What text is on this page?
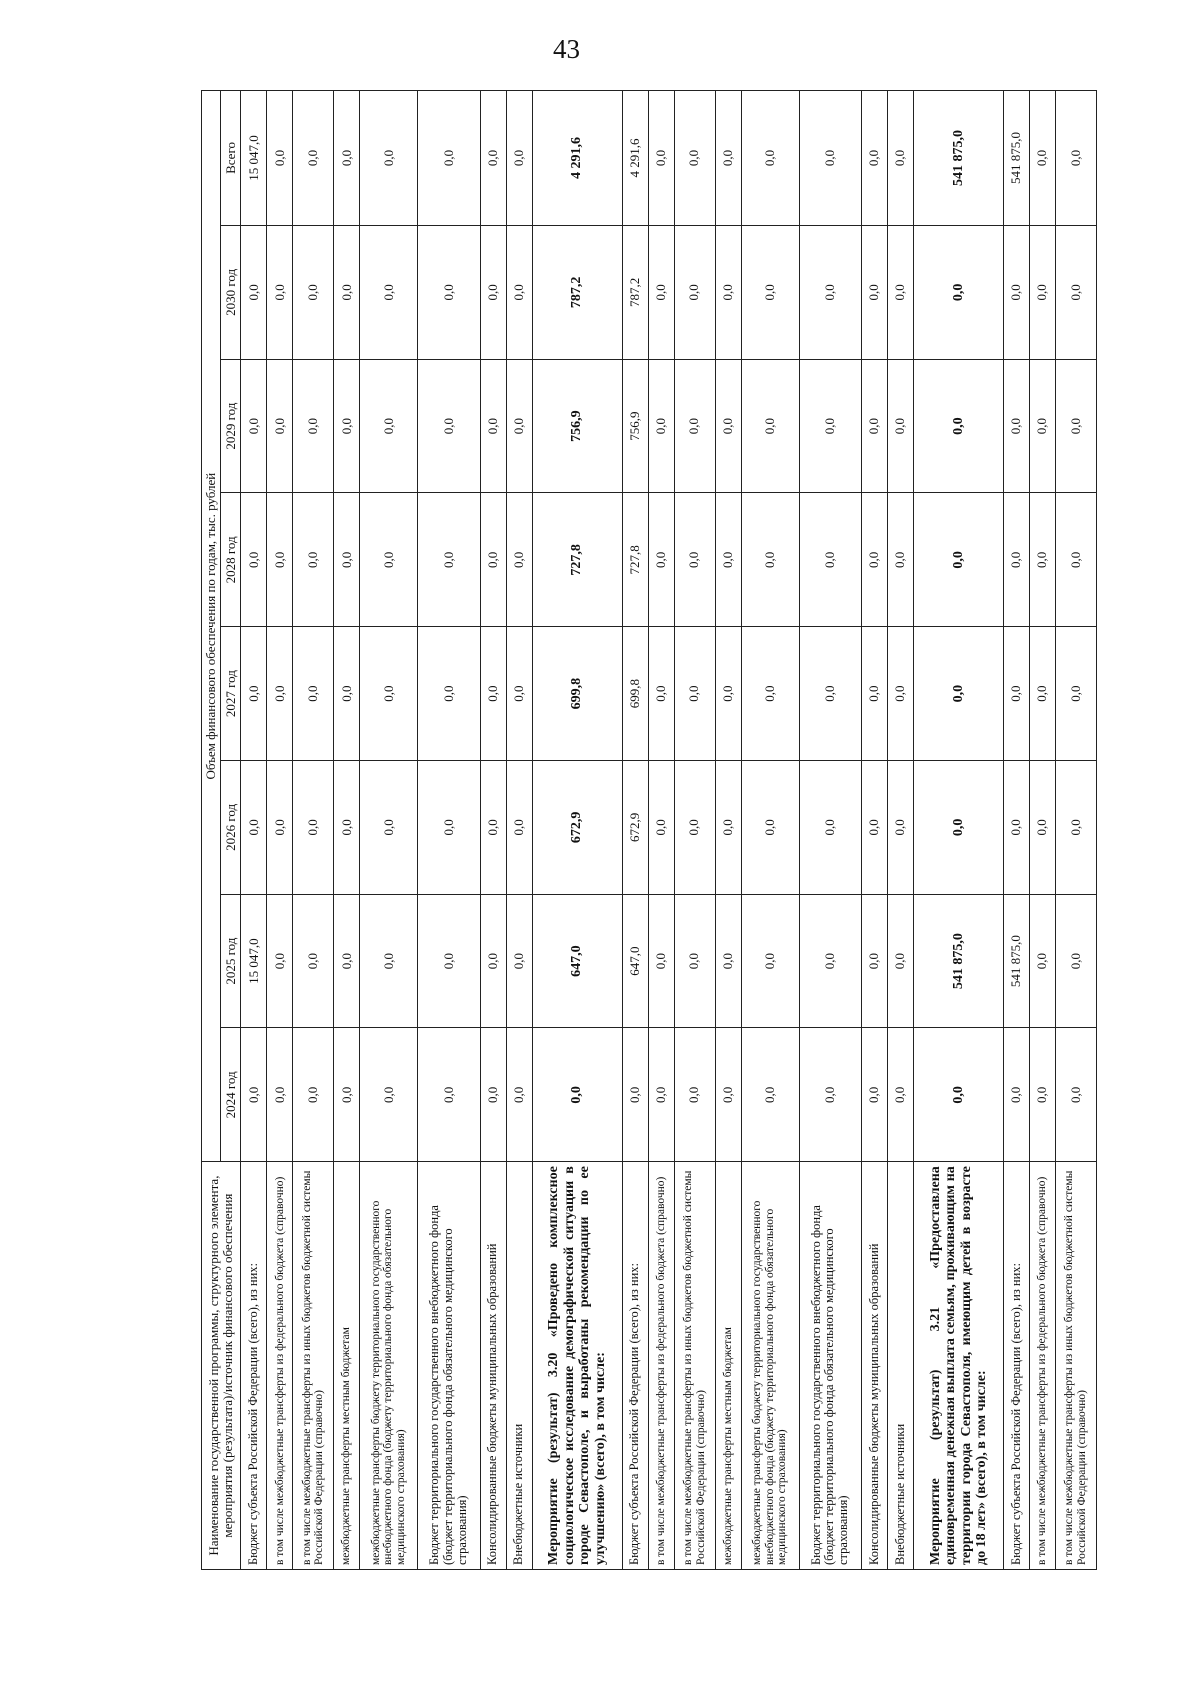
43
Наименование государственной программы, структурного элемента, мероприятия (результата)/источник финансового обеспечения	Объем финансового обеспечения по годам, тыс. рублей							
	2024 год	2025 год	2026 год	2027 год	2028 год	2029 год	2030 год	Всего
Бюджет субъекта Российской Федерации (всего), из них:	0,0	15 047,0	0,0	0,0	0,0	0,0	0,0	15 047,0
в том числе межбюджетные трансферты из федерального бюджета (справочно)	0,0	0,0	0,0	0,0	0,0	0,0	0,0	0,0
в том числе межбюджетные трансферты из иных бюджетов бюджетной системы Российской Федерации (справочно)	0,0	0,0	0,0	0,0	0,0	0,0	0,0	0,0
межбюджетные трансферты местным бюджетам	0,0	0,0	0,0	0,0	0,0	0,0	0,0	0,0
межбюджетные трансферты бюджету территориального государственного внебюджетного фонда (бюджету территориального фонда обязательного медицинского страхования)	0,0	0,0	0,0	0,0	0,0	0,0	0,0	0,0
Бюджет территориального государственного внебюджетного фонда (бюджет территориального фонда обязательного медицинского страхования)	0,0	0,0	0,0	0,0	0,0	0,0	0,0	0,0
Консолидированные бюджеты муниципальных образований	0,0	0,0	0,0	0,0	0,0	0,0	0,0	0,0
Внебюджетные источники	0,0	0,0	0,0	0,0	0,0	0,0	0,0	0,0
Мероприятие (результат) 3.20 «Проведено комплексное социологическое исследование демографической ситуации в городе Севастополе, и выработаны рекомендации по ее улучшению» (всего), в том числе:	0,0	647,0	672,9	699,8	727,8	756,9	787,2	4 291,6
Бюджет субъекта Российской Федерации (всего), из них:	0,0	647,0	672,9	699,8	727,8	756,9	787,2	4 291,6
в том числе межбюджетные трансферты из федерального бюджета (справочно)	0,0	0,0	0,0	0,0	0,0	0,0	0,0	0,0
в том числе межбюджетные трансферты из иных бюджетов бюджетной системы Российской Федерации (справочно)	0,0	0,0	0,0	0,0	0,0	0,0	0,0	0,0
межбюджетные трансферты местным бюджетам	0,0	0,0	0,0	0,0	0,0	0,0	0,0	0,0
межбюджетные трансферты бюджету территориального государственного внебюджетного фонда (бюджету территориального фонда обязательного медицинского страхования)	0,0	0,0	0,0	0,0	0,0	0,0	0,0	0,0
Бюджет территориального государственного внебюджетного фонда (бюджет территориального фонда обязательного медицинского страхования)	0,0	0,0	0,0	0,0	0,0	0,0	0,0	0,0
Консолидированные бюджеты муниципальных образований	0,0	0,0	0,0	0,0	0,0	0,0	0,0	0,0
Внебюджетные источники	0,0	0,0	0,0	0,0	0,0	0,0	0,0	0,0
Мероприятие (результат) 3.21 «Предоставлена единовременная денежная выплата семьям, проживающим на территории города Севастополя, имеющим детей в возрасте до 18 лет» (всего), в том числе:	0,0	541 875,0	0,0	0,0	0,0	0,0	0,0	541 875,0
Бюджет субъекта Российской Федерации (всего), из них:	0,0	541 875,0	0,0	0,0	0,0	0,0	0,0	541 875,0
в том числе межбюджетные трансферты из федерального бюджета (справочно)	0,0	0,0	0,0	0,0	0,0	0,0	0,0	0,0
в том числе межбюджетные трансферты из иных бюджетов бюджетной системы Российской Федерации (справочно)	0,0	0,0	0,0	0,0	0,0	0,0	0,0	0,0
